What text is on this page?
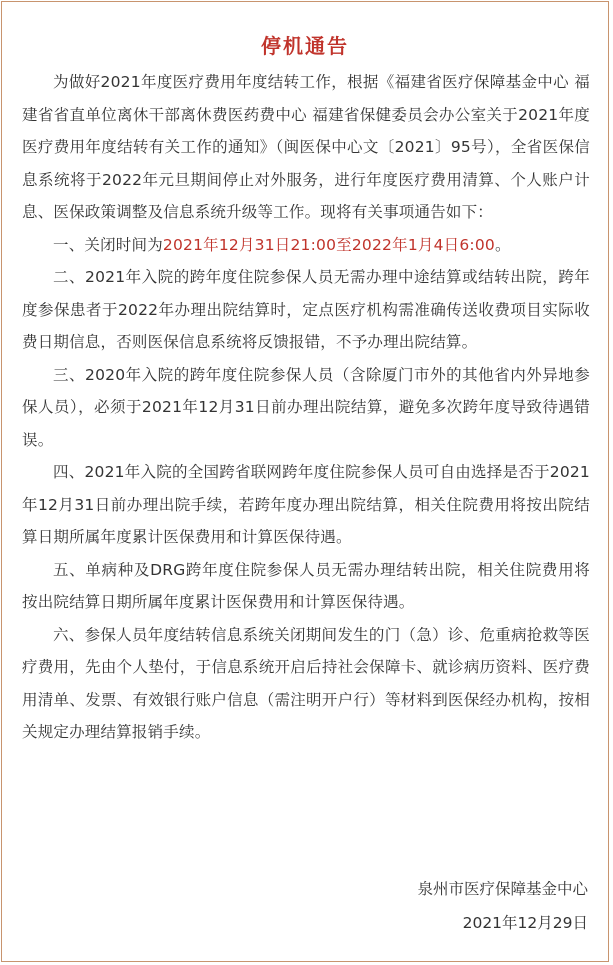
停机通告

为做好2021年度医疗费用年度结转工作，根据《福建省医疗保障基金中心 福建省省直单位离休干部离休费医药费中心 福建省保健委员会办公室关于2021年度医疗费用年度结转有关工作的通知》（闽医保中心文〔2021〕95号），全省医保信息系统将于2022年元旦期间停止对外服务，进行年度医疗费用清算、个人账户计息、医保政策调整及信息系统升级等工作。现将有关事项通告如下：

一、关闭时间为2021年12月31日21:00至2022年1月4日6:00。

二、2021年入院的跨年度住院参保人员无需办理中途结算或结转出院，跨年度参保患者于2022年办理出院结算时，定点医疗机构需准确传送收费项目实际收费日期信息，否则医保信息系统将反馈报错，不予办理出院结算。

三、2020年入院的跨年度住院参保人员（含除厦门市外的其他省内外异地参保人员），必须于2021年12月31日前办理出院结算，避免多次跨年度导致待遇错误。

四、2021年入院的全国跨省联网跨年度住院参保人员可自由选择是否于2021年12月31日前办理出院手续，若跨年度办理出院结算，相关住院费用将按出院结算日期所属年度累计医保费用和计算医保待遇。

五、单病种及DRG跨年度住院参保人员无需办理结转出院，相关住院费用将按出院结算日期所属年度累计医保费用和计算医保待遇。

六、参保人员年度结转信息系统关闭期间发生的门（急）诊、危重病抢救等医疗费用，先由个人垫付，于信息系统开启后持社会保障卡、就诊病历资料、医疗费用清单、发票、有效银行账户信息（需注明开户行）等材料到医保经办机构，按相关规定办理结算报销手续。

泉州市医疗保障基金中心
2021年12月29日
